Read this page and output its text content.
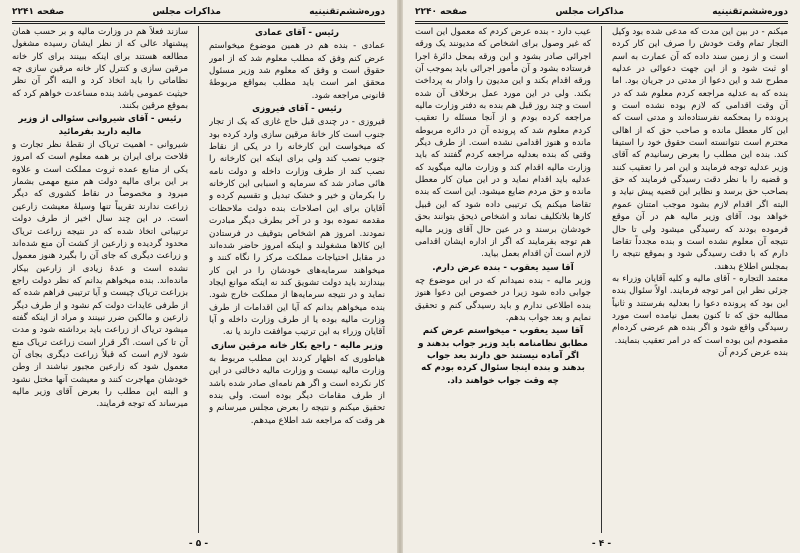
دوره‌ششم‌تقنینیه
مذاکرات مجلس
صفحه ۲۲۴۱

رئیس - آقای عمادی

عمادی - بنده هم در همین موضوع میخواستم عرض کنم وفق که مطلب معلوم شد که از امور حقوق است و وفق که معلوم شد وزیر مسئول محقق امر است باید مطلب بمواقع مربوطهٔ قانونی مراجعه شود.

رئیس - آقای فیروزی

فیروزی - در چندی قبل حاج غازی که یک از تجار جنوب است کار خانهٔ مرقین سازی وارد کرده بود که میخواست این کارخانه را در یکی از نقاط جنوب نصب کند ولی برای اینکه این کارخانه را نصب کند از طرف وزارت داخله و دولت نامه هائی صادر شد که سرمایه و اسبابی این کارخانه را بکرمان و خیر و خشک تبدیل و تقسیم کرده و آقایان برای این اصلاحات بنده دولت ملاحظات مقدمه نموده بود و در آخر بطرف دیگر مبادرت نمودند. امروز هم اشخاص بتوقیف در فرستادن این کالاها مشغولند و اینکه امروز حاضر شده‌اند در مقابل احتیاجات مملکت مرکز را نگاه کنند و میخواهند سرمایه‌های خودشان را در این کار بیندازند باید دولت تشویق کند نه اینکه موانع ایجاد نماید و در نتیجه سرمایه‌ها از مملکت خارج شود. بنده میخواهم بدانم که آیا این اقدامات از طرف وزارت مالیه بوده یا از طرف وزارت داخله و آیا آقایان وزراء به این ترتیب موافقت دارند یا نه.

وزیر مالیه - راجع بکار خانه مرقین سازی

هیاطوری که اظهار کردند این مطلب مربوط به وزارت مالیه نیست و وزارت مالیه دخالتی در این کار نکرده است و اگر هم نامه‌ای صادر شده باشد از طرف مقامات دیگر بوده است. ولی بنده تحقیق میکنم و نتیجه را بعرض مجلس میرسانم و هر وقت که مراجعه شد اطلاع میدهم.

سازند فعلاً هم در وزارت مالیه و بر حسب همان پیشنهاد عالی که از نظر ایشان رسیده مشغول مطالعه هستند برای اینکه ببینند برای کار خانه مرقین سازی و کنترل کار خانه مرقین سازی چه نظاماتی را باید اتخاذ کرد و البته اگر آن نظر حیثیت عمومی باشد بنده مساعدت خواهم کرد که بموقع مرقین بکنند.

رئیس - آقای شیروانی سئوالی از وزیر مالیه دارید بفرمائید

شیروانی - اهمیت تریاک از نقطهٔ نظر تجارت و فلاحت برای ایران بر همه معلوم است که امروز یکی از منابع عمده ثروت مملکت است و علاوه بر این برای مالیه دولت هم منبع مهمی بشمار میرود و مخصوصاً در نقاط کشوری که دیگر زراعت ندارند تقریباً تنها وسیلهٔ معیشت زارعین است. در این چند سال اخیر از طرف دولت ترتیباتی اتخاذ شده که در نتیجه زراعت تریاک محدود گردیده و زارعین از کشت آن منع شده‌اند و زراعت دیگری که جای آن را بگیرد هنوز معمول نشده است و عدهٔ زیادی از زارعین بیکار مانده‌اند. بنده میخواهم بدانم که نظر دولت راجع بزراعت تریاک چیست و آیا ترتیبی فراهم شده که از طرفی عایدات دولت کم نشود و از طرف دیگر زارعین و مالکین ضرر نبینند و مراد از اینکه گفته میشود تریاک از زراعت باید برداشته شود و مدت آن تا کی است. اگر قرار است زراعت تریاک منع شود لازم است که قبلاً زراعت دیگری بجای آن معمول شود که زارعین مجبور نباشند از وطن خودشان مهاجرت کنند و معیشت آنها مختل نشود و البته این مطلب را بعرض آقای وزیر مالیه میرساند که توجه فرمایند.

- ۵ -
دوره‌ششم‌تقنینیه
مذاکرات مجلس
صفحه ۲۲۴۰

میکنم - در بین این مدت که مدعی شده بود وکیل التجار تمام وقت خودش را صرف این کار کرده است و از زمین سند داده که آن عمارت به اسم او ثبت شود و از این جهت دعوائی در عدلیه مطرح شد و این دعوا از مدتی در جریان بود. اما بنده که به عدلیه مراجعه کردم معلوم شد که در آن وقت اقدامی که لازم بوده نشده است و پرونده را بمحکمه نفرستاده‌اند و مدتی است که این کار معطل مانده و صاحب حق که از اهالی محترم است نتوانسته است حقوق خود را استیفا کند. بنده این مطلب را بعرض رسانیدم که آقای وزیر عدلیه توجه فرمایند و این امر را تعقیب کنند و قضیه را با نظر دقت رسیدگی فرمایند که حق بصاحب حق برسد و نظایر این قضیه پیش نیاید و البته اگر اقدام لازم بشود موجب امتنان عموم خواهد بود. آقای وزیر مالیه هم در آن موقع فرموده بودند که رسیدگی میشود ولی تا حال نتیجه آن معلوم نشده است و بنده مجدداً تقاضا دارم که با دقت رسیدگی شود و بموقع نتیجه را بمجلس اطلاع بدهند.

معتمد التجاره - آقای مالیه و کلیه آقایان وزراء به جزئی نظر این امر توجه فرمایند. اولاً سئوال بنده این بود که پرونده دعوا را بعدلیه بفرستند و ثانیاً مطالبه حق که تا کنون بعمل نیامده است مورد رسیدگی واقع شود و اگر بنده هم عرضی کرده‌ام مقصودم این بوده است که در امر تعقیب بنمایند.

بنده عرض کردم آن

عیب دارد - بنده عرض کردم که معمول این است که غیر وصول برای اشخاص که مدیونند یک ورقه اجرائی صادر بشود و این ورقه بمحل دائرهٔ اجرا فرستاده بشود و آن مأمور اجرائی باید بموجب آن ورقه اقدام بکند و این مدیون را وادار به پرداخت بکند. ولی در این مورد عمل برخلاف آن شده است و چند روز قبل هم بنده به دفتر وزارت مالیه مراجعه کرده بودم و از آنجا مسئله را تعقیب کردم معلوم شد که پرونده آن در دائره مربوطه مانده و هنوز اقدامی نشده است. از طرف دیگر وقتی که بنده بعدلیه مراجعه کردم گفتند که باید وزارت مالیه اقدام کند و وزارت مالیه میگوید که عدلیه باید اقدام نماید و در این میان کار معطل مانده و حق مردم ضایع میشود. این است که بنده تقاضا میکنم یک ترتیبی داده شود که این قبیل کارها بلاتکلیف نماند و اشخاص ذیحق بتوانند بحق خودشان برسند و در عین حال آقای وزیر مالیه هم توجه بفرمایند که اگر از اداره ایشان اقدامی لازم است آن اقدام بعمل بیاید.

آقا سید یعقوب - بنده عرض دارم.

وزیر مالیه - بنده نمیدانم که در این موضوع چه جوابی داده شود زیرا در خصوص این دعوا هنوز بنده اطلاعی ندارم و باید رسیدگی کنم و تحقیق نمایم و بعد جواب بدهم.

آقا سید یعقوب - میخواستم عرض کنم مطابق نظامنامه باید وزیر جواب بدهند و اگر آماده نیستند حق دارند بعد جواب بدهند و بنده اینجا سئوال کرده بودم که چه وقت جواب خواهند داد.

- ۴ -
